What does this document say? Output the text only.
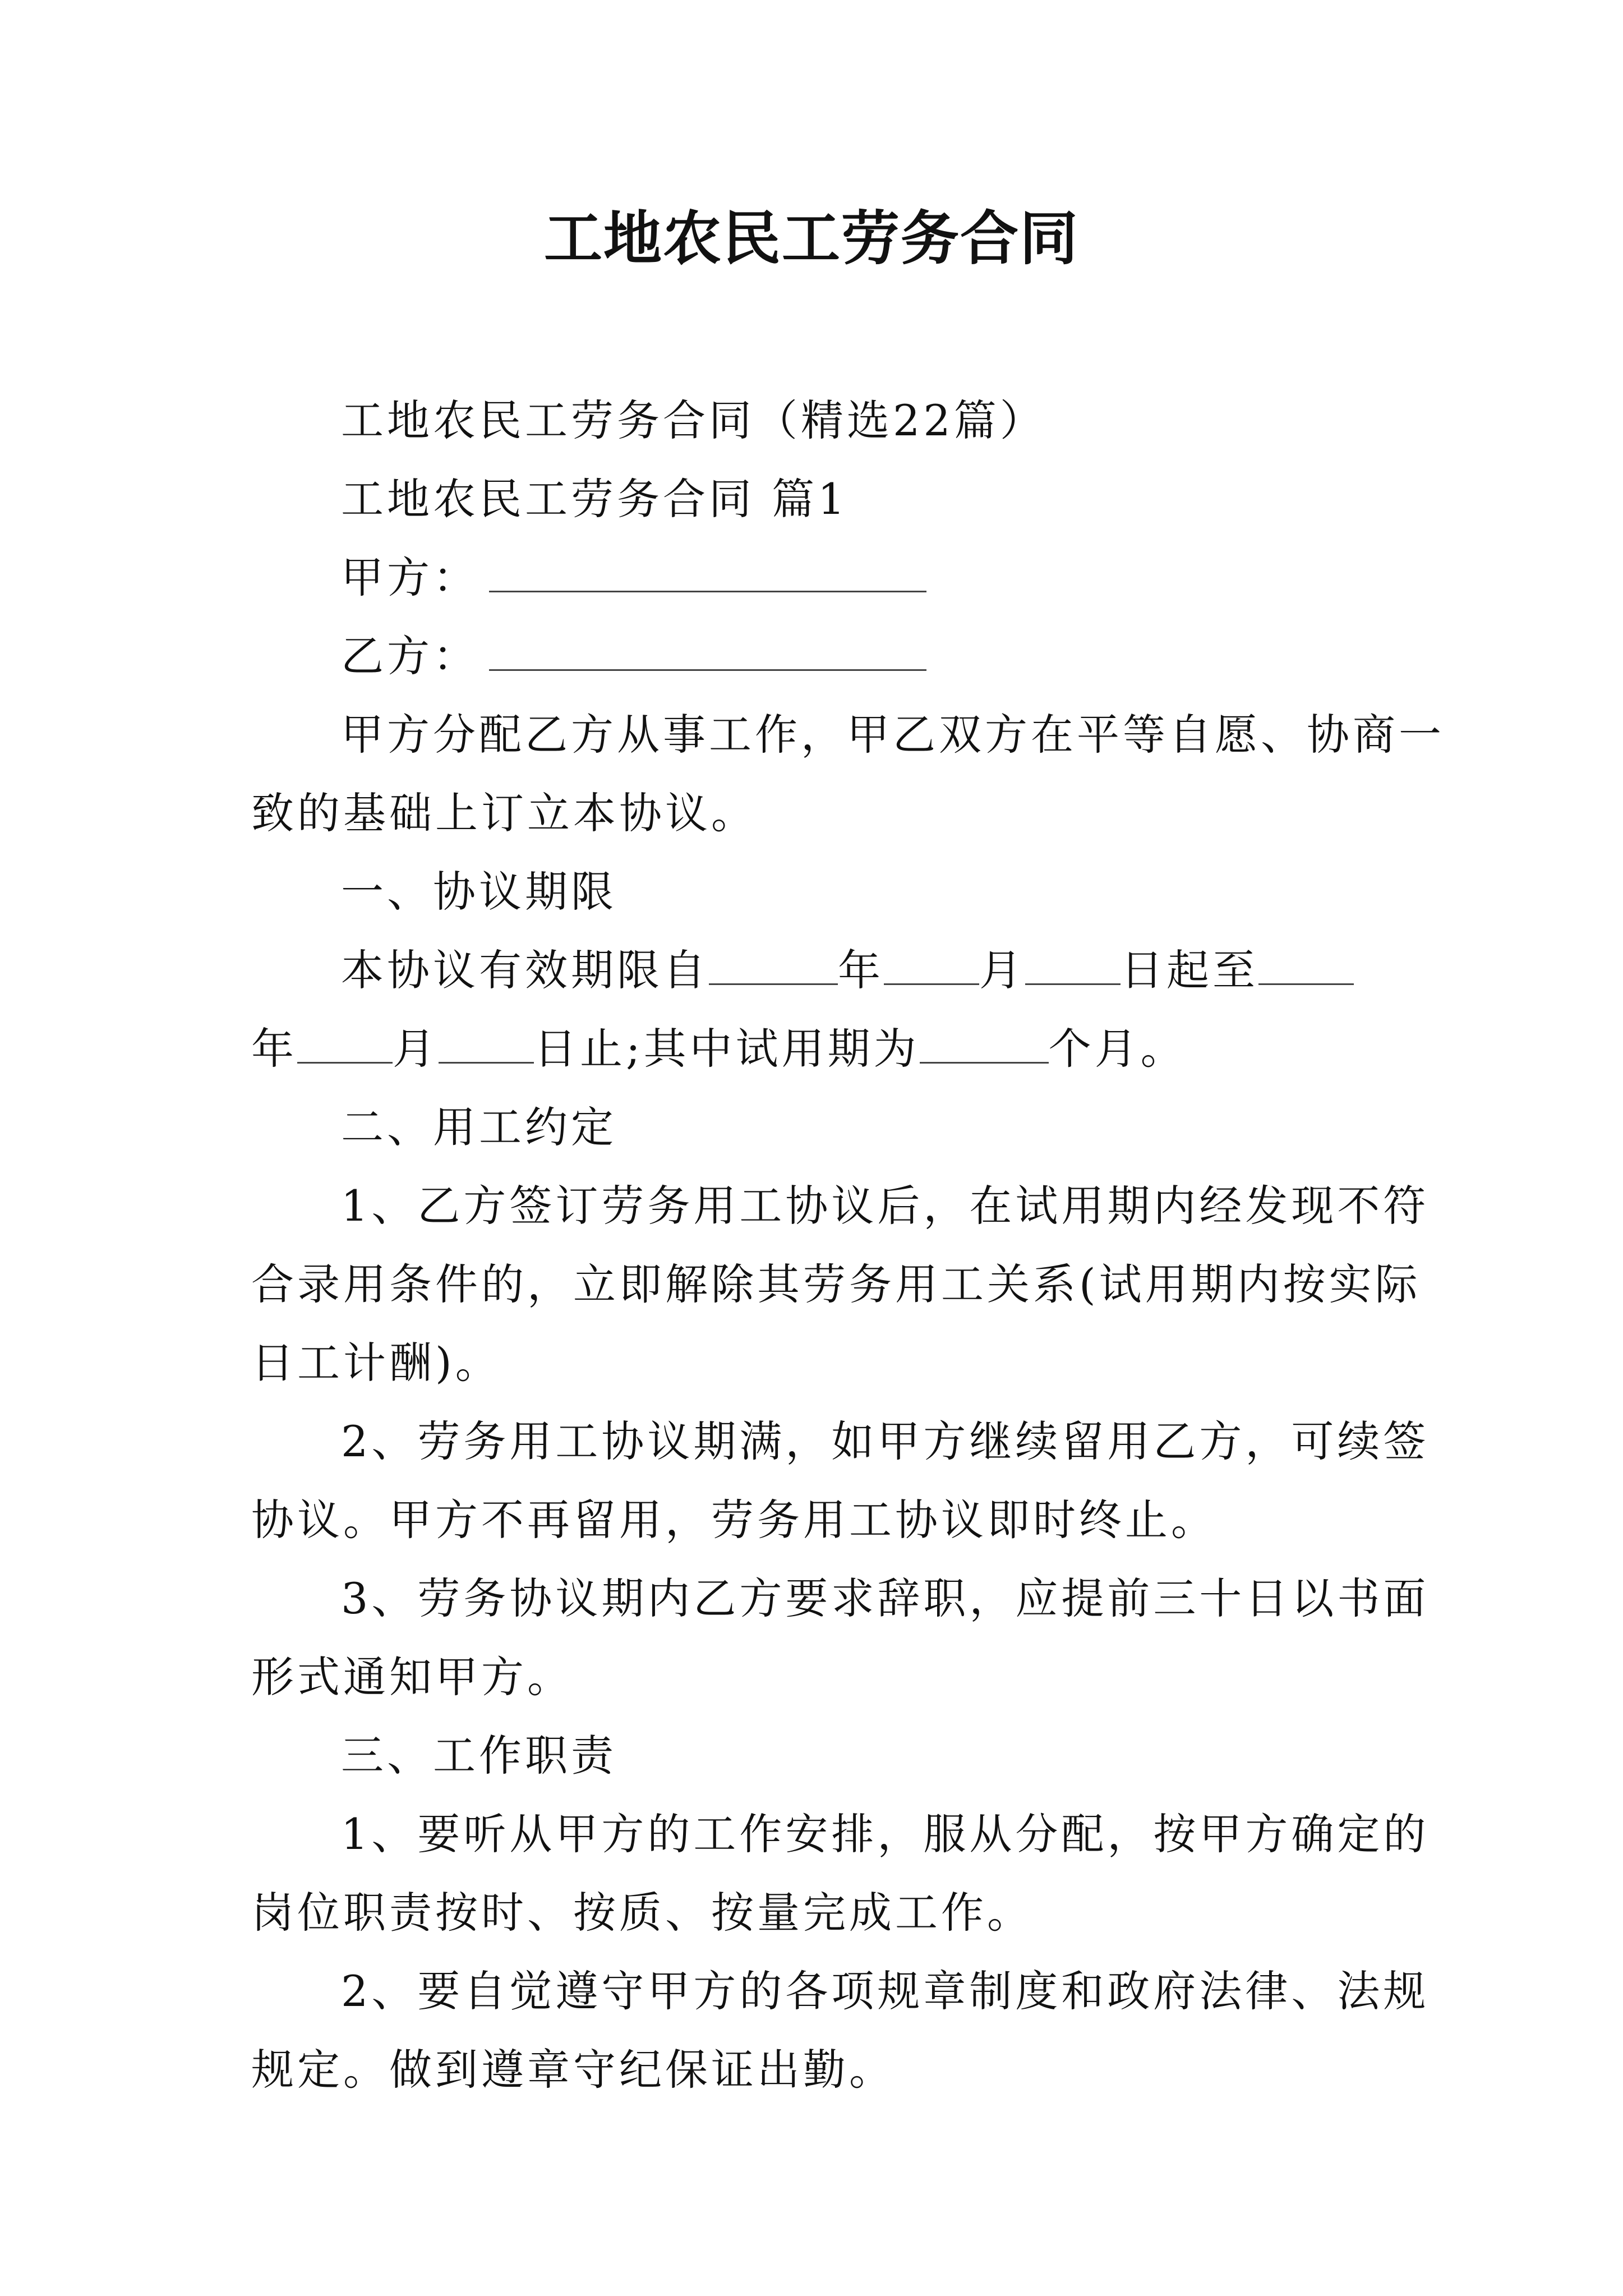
工地农民工劳务合同
工地农民工劳务合同（精选22篇）
工地农民工劳务合同 篇1
甲方：
乙方：
甲方分配乙方从事工作，甲乙双方在平等自愿、协商一
致的基础上订立本协议。
一、协议期限
本协议有效期限自	年 月 日起至
年 月 日止;其中试用期为	个月。
二、用工约定
1、乙方签订劳务用工协议后，在试用期内经发现不符
合录用条件的，立即解除其劳务用工关系(试用期内按实际
日工计酬)。
2、劳务用工协议期满，如甲方继续留用乙方，可续签
协议。甲方不再留用，劳务用工协议即时终止。
3、劳务协议期内乙方要求辞职，应提前三十日以书面
形式通知甲方。
三、工作职责
1、要听从甲方的工作安排，服从分配，按甲方确定的
岗位职责按时、按质、按量完成工作。
2、要自觉遵守甲方的各项规章制度和政府法律、法规
规定。做到遵章守纪保证出勤。
